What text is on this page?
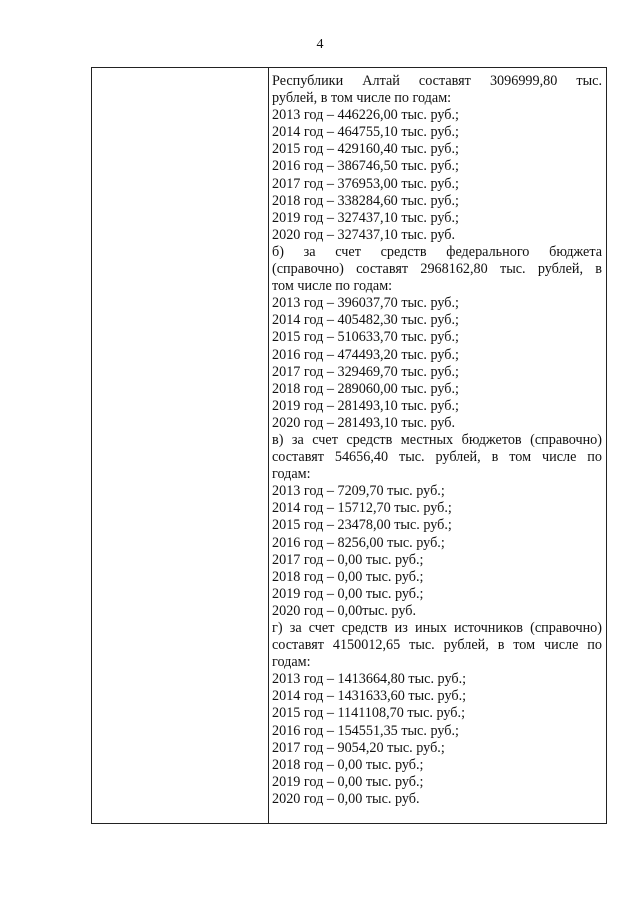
4
Республики Алтай составят 3096999,80 тыс.
рублей, в том числе по годам:
2013 год – 446226,00 тыс. руб.;
2014 год – 464755,10 тыс. руб.;
2015 год – 429160,40 тыс. руб.;
2016 год – 386746,50 тыс. руб.;
2017 год – 376953,00 тыс. руб.;
2018 год – 338284,60 тыс. руб.;
2019 год – 327437,10 тыс. руб.;
2020 год – 327437,10 тыс. руб.
б) за счет средств федерального бюджета
(справочно) составят 2968162,80 тыс. рублей, в
том числе по годам:
2013 год – 396037,70 тыс. руб.;
2014 год – 405482,30 тыс. руб.;
2015 год – 510633,70 тыс. руб.;
2016 год – 474493,20 тыс. руб.;
2017 год – 329469,70 тыс. руб.;
2018 год – 289060,00 тыс. руб.;
2019 год – 281493,10 тыс. руб.;
2020 год – 281493,10 тыс. руб.
в) за счет средств местных бюджетов (справочно)
составят 54656,40 тыс. рублей, в том числе по
годам:
2013 год – 7209,70 тыс. руб.;
2014 год – 15712,70 тыс. руб.;
2015 год – 23478,00 тыс. руб.;
2016 год – 8256,00 тыс. руб.;
2017 год – 0,00 тыс. руб.;
2018 год – 0,00 тыс. руб.;
2019 год – 0,00 тыс. руб.;
2020 год – 0,00тыс. руб.
г) за счет средств из иных источников (справочно)
составят 4150012,65 тыс. рублей, в том числе по
годам:
2013 год – 1413664,80 тыс. руб.;
2014 год – 1431633,60 тыс. руб.;
2015 год – 1141108,70 тыс. руб.;
2016 год – 154551,35 тыс. руб.;
2017 год – 9054,20 тыс. руб.;
2018 год – 0,00 тыс. руб.;
2019 год – 0,00 тыс. руб.;
2020 год – 0,00 тыс. руб.
